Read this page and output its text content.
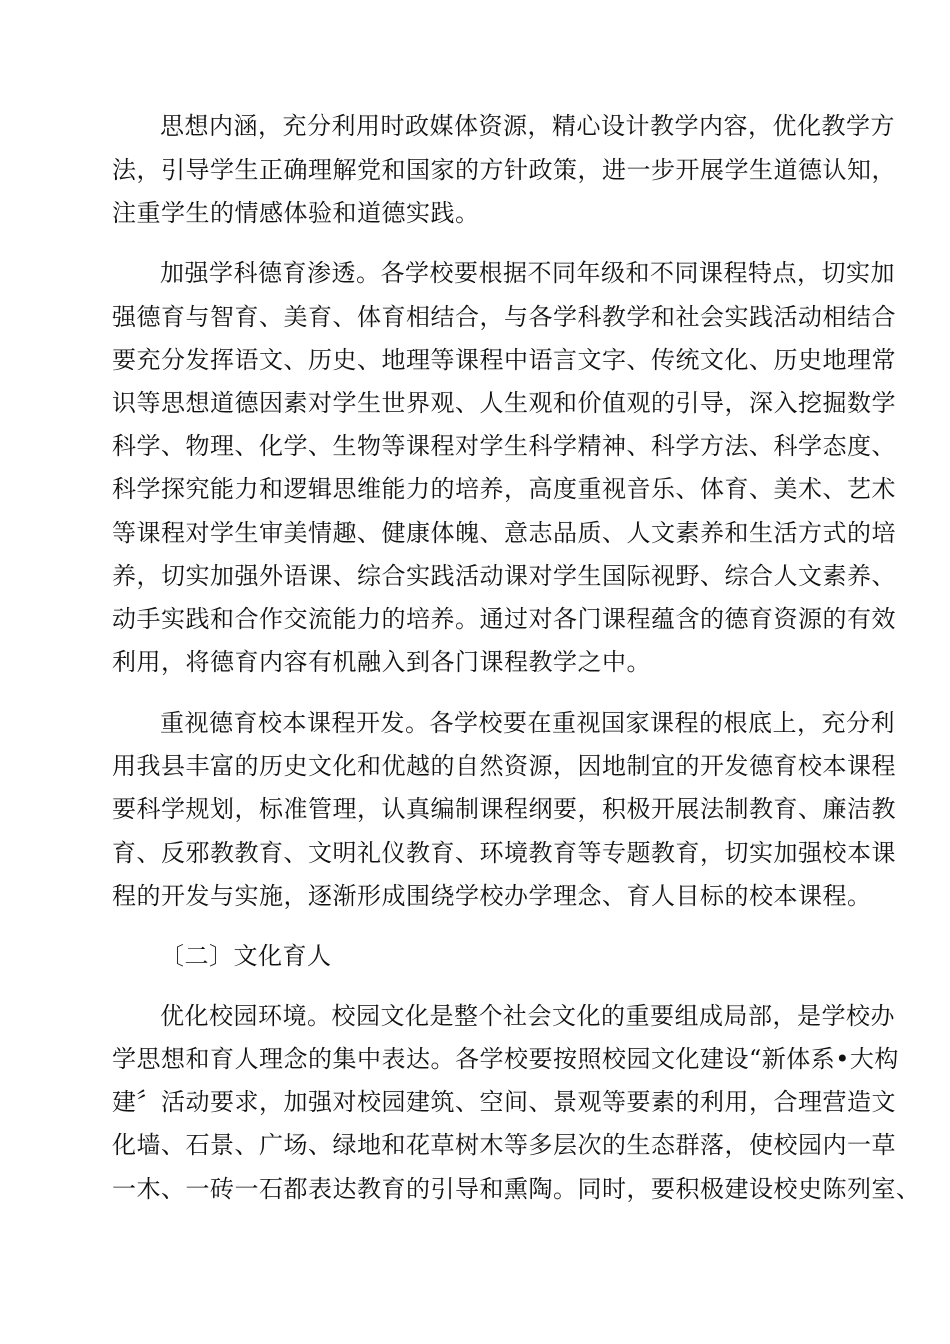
思想内涵，充分利用时政媒体资源，精心设计教学内容，优化教学方
法，引导学生正确理解党和国家的方针政策，进一步开展学生道德认知，
注重学生的情感体验和道德实践。
加强学科德育渗透。各学校要根据不同年级和不同课程特点，切实加
强德育与智育、美育、体育相结合，与各学科教学和社会实践活动相结合
要充分发挥语文、历史、地理等课程中语言文字、传统文化、历史地理常
识等思想道德因素对学生世界观、人生观和价值观的引导，深入挖掘数学
科学、物理、化学、生物等课程对学生科学精神、科学方法、科学态度、
科学探究能力和逻辑思维能力的培养，高度重视音乐、体育、美术、艺术
等课程对学生审美情趣、健康体魄、意志品质、人文素养和生活方式的培
养，切实加强外语课、综合实践活动课对学生国际视野、综合人文素养、
动手实践和合作交流能力的培养。通过对各门课程蕴含的德育资源的有效
利用，将德育内容有机融入到各门课程教学之中。
重视德育校本课程开发。各学校要在重视国家课程的根底上，充分利
用我县丰富的历史文化和优越的自然资源，因地制宜的开发德育校本课程
要科学规划，标准管理，认真编制课程纲要，积极开展法制教育、廉洁教
育、反邪教教育、文明礼仪教育、环境教育等专题教育，切实加强校本课
程的开发与实施，逐渐形成围绕学校办学理念、育人目标的校本课程。
〔二〕文化育人
优化校园环境。校园文化是整个社会文化的重要组成局部，是学校办
学思想和育人理念的集中表达。各学校要按照校园文化建设“新体系•大构
建〞活动要求，加强对校园建筑、空间、景观等要素的利用，合理营造文
化墙、石景、广场、绿地和花草树木等多层次的生态群落，使校园内一草
一木、一砖一石都表达教育的引导和熏陶。同时，要积极建设校史陈列室、
